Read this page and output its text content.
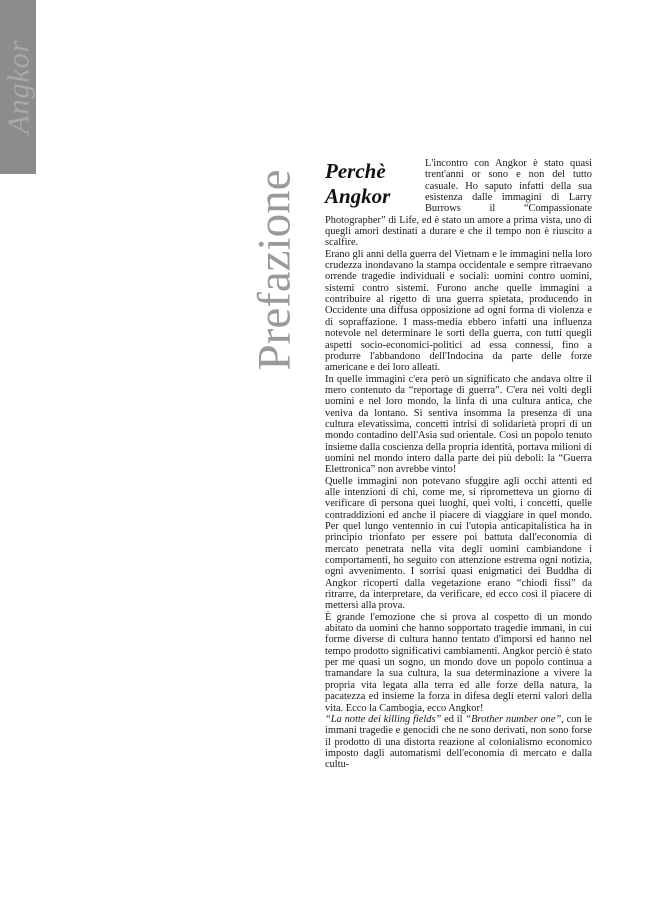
Angkor
Prefazione Perchè
Angkor

L'incontro con Angkor è stato quasi trent'anni or sono e non del tutto casuale. Ho saputo infatti della sua esistenza dalle immagini di Larry Burrows il “Compassionate Photographer” di Life, ed è stato un amore a prima vista, uno di quegli amori destinati a durare e che il tempo non è riuscito a scalfire.

Erano gli anni della guerra del Vietnam e le immagini nella loro crudezza inondavano la stampa occidentale e sempre ritraevano orrende tragedie individuali e sociali: uomini contro uomini, sistemi contro sistemi. Furono anche quelle immagini a contribuire al rigetto di una guerra spietata, producendo in Occidente una diffusa opposizione ad ogni forma di violenza e di sopraffazione. I mass-media ebbero infatti una influenza notevole nel determinare le sorti della guerra, con tutti quegli aspetti socio-economici-politici ad essa connessi, fino a produrre l'abbandono dell'Indocina da parte delle forze americane e dei loro alleati.

In quelle immagini c'era però un significato che andava oltre il mero contenuto da “reportage di guerra”. C'era nei volti degli uomini e nel loro mondo, la linfa di una cultura antica, che veniva da lontano. Si sentiva insomma la presenza di una cultura elevatissima, concetti intrisi di solidarietà propri di un mondo contadino dell'Asia sud orientale. Così un popolo tenuto insieme dalla coscienza della propria identità, portava milioni di uomini nel mondo intero dalla parte dei più deboli: la “Guerra Elettronica” non avrebbe vinto!

Quelle immagini non potevano sfuggire agli occhi attenti ed alle intenzioni di chi, come me, si riprometteva un giorno di verificare di persona quei luoghi, quei volti, i concetti, quelle contraddizioni ed anche il piacere di viaggiare in quel mondo. Per quel lungo ventennio in cui l'utopia anticapitalistica ha in principio trionfato per essere poi battuta dall'economia di mercato penetrata nella vita degli uomini cambiandone i comportamenti, ho seguito con attenzione estrema ogni notizia, ogni avvenimento. I sorrisi quasi enigmatici dei Buddha di Angkor ricoperti dalla vegetazione erano “chiodi fissi” da ritrarre, da interpretare, da verificare, ed ecco così il piacere di mettersi alla prova.

È grande l'emozione che si prova al cospetto di un mondo abitato da uomini che hanno sopportato tragedie immani, in cui forme diverse di cultura hanno tentato d'imporsi ed hanno nel tempo prodotto significativi cambiamenti. Angkor perciò è stato per me quasi un sogno, un mondo dove un popolo continua a tramandare la sua cultura, la sua determinazione a vivere la propria vita legata alla terra ed alle forze della natura, la pacatezza ed insieme la forza in difesa degli eterni valori della vita. Ecco la Cambogia, ecco Angkor!

“La notte dei killing fields” ed il “Brother number one”, con le immani tragedie e genocidi che ne sono derivati, non sono forse il prodotto di una distorta reazione al colonialismo economico imposto dagli automatismi dell'economia di mercato e dalla cultu-
